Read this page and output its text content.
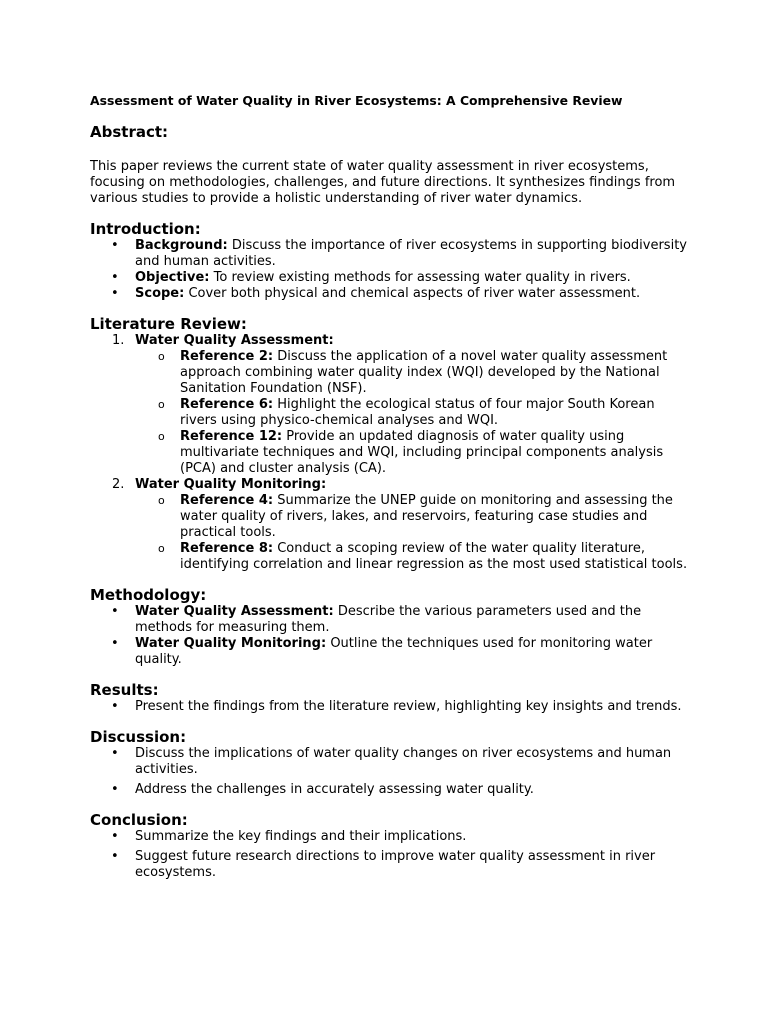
Assessment of Water Quality in River Ecosystems: A Comprehensive Review
Abstract:

This paper reviews the current state of water quality assessment in river ecosystems, focusing on methodologies, challenges, and future directions. It synthesizes findings from various studies to provide a holistic understanding of river water dynamics.

Introduction:
• Background: Discuss the importance of river ecosystems in supporting biodiversity and human activities.
• Objective: To review existing methods for assessing water quality in rivers.
• Scope: Cover both physical and chemical aspects of river water assessment.
Literature Review:
1. Water Quality Assessment:
o Reference 2: Discuss the application of a novel water quality assessment approach combining water quality index (WQI) developed by the National Sanitation Foundation (NSF).
o Reference 6: Highlight the ecological status of four major South Korean rivers using physico-chemical analyses and WQI.
o Reference 12: Provide an updated diagnosis of water quality using multivariate techniques and WQI, including principal components analysis (PCA) and cluster analysis (CA).
2. Water Quality Monitoring:
o Reference 4: Summarize the UNEP guide on monitoring and assessing the water quality of rivers, lakes, and reservoirs, featuring case studies and practical tools.
o Reference 8: Conduct a scoping review of the water quality literature, identifying correlation and linear regression as the most used statistical tools.
Methodology:
• Water Quality Assessment: Describe the various parameters used and the methods for measuring them.
• Water Quality Monitoring: Outline the techniques used for monitoring water quality.
Results:
• Present the findings from the literature review, highlighting key insights and trends.
Discussion:
• Discuss the implications of water quality changes on river ecosystems and human activities.
• Address the challenges in accurately assessing water quality.
Conclusion:
• Summarize the key findings and their implications.
• Suggest future research directions to improve water quality assessment in river ecosystems.
